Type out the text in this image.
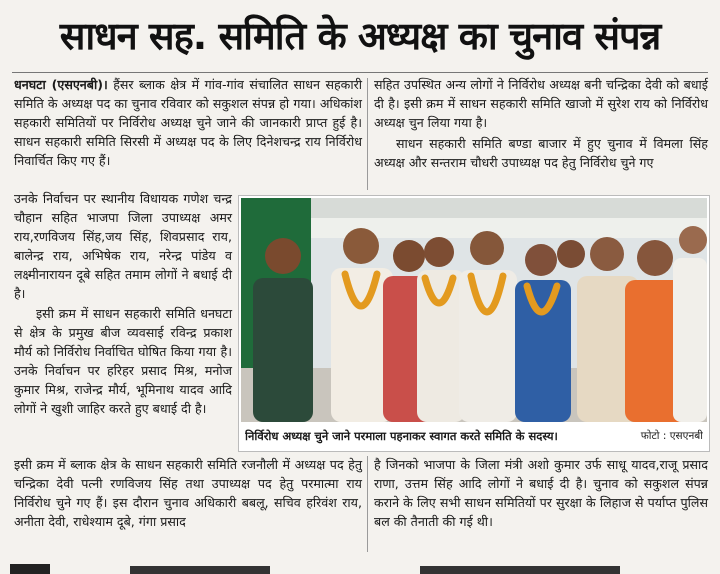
साधन सह. समिति के अध्यक्ष का चुनाव संपन्न

धनघटा (एसएनबी)। हैंसर ब्लाक क्षेत्र में गांव-गांव संचालित साधन सहकारी समिति के अध्यक्ष पद का चुनाव रविवार को सकुशल संपन्न हो गया। अधिकांश सहकारी समितियों पर निर्विरोध अध्यक्ष चुने जाने की जानकारी प्राप्त हुई है। साधन सहकारी समिति सिरसी में अध्यक्ष पद के लिए दिनेशचन्द्र राय निर्विरोध निवार्चित किए गए हैं।

उनके निर्वाचन पर स्थानीय विधायक गणेश चन्द्र चौहान सहित भाजपा जिला उपाध्यक्ष अमर राय,रणविजय सिंह,जय सिंह, शिवप्रसाद राय, बालेन्द्र राय, अभिषेक राय, नरेन्द्र पांडेय व लक्ष्मीनारायन दूबे सहित तमाम लोगों ने बधाई दी है।

इसी क्रम में साधन सहकारी समिति धनघटा से क्षेत्र के प्रमुख बीज व्यवसाई रविन्द्र प्रकाश मौर्य को निर्विरोध निर्वाचित घोषित किया गया है। उनके निर्वाचन पर हरिहर प्रसाद मिश्र, मनोज कुमार मिश्र, राजेन्द्र मौर्य, भूमिनाथ यादव आदि लोगों ने खुशी जाहिर करते हुए बधाई दी है।

इसी क्रम में ब्लाक क्षेत्र के साधन सहकारी समिति रजनौली में अध्यक्ष पद हेतु चन्द्रिका देवी पत्नी रणविजय सिंह तथा उपाध्यक्ष पद हेतु परमात्मा राय निर्विरोध चुने गए हैं। इस दौरान चुनाव अधिकारी बबलू, सचिव हरिवंश राय, अनीता देवी, राधेश्याम दूबे, गंगा प्रसाद

सहित उपस्थित अन्य लोगों ने निर्विरोध अध्यक्ष बनी चन्द्रिका देवी को बधाई दी है। इसी क्रम में साधन सहकारी समिति खाजो में सुरेश राय को निर्विरोध अध्यक्ष चुन लिया गया है।

साधन सहकारी समिति बण्डा बाजार में हुए चुनाव में विमला सिंह अध्यक्ष और सन्तराम चौधरी उपाध्यक्ष पद हेतु निर्विरोध चुने गए

है जिनको भाजपा के जिला मंत्री अशो कुमार उर्फ साधू यादव,राजू प्रसाद राणा, उत्तम सिंह आदि लोगों ने बधाई दी है। चुनाव को सकुशल संपन्न कराने के लिए सभी साधन समितियों पर सुरक्षा के लिहाज से पर्याप्त पुलिस बल की तैनाती की गई थी।

निर्विरोध अध्यक्ष चुने जाने परमाला पहनाकर स्वागत करते समिति के सदस्य।	फोटो : एसएनबी
